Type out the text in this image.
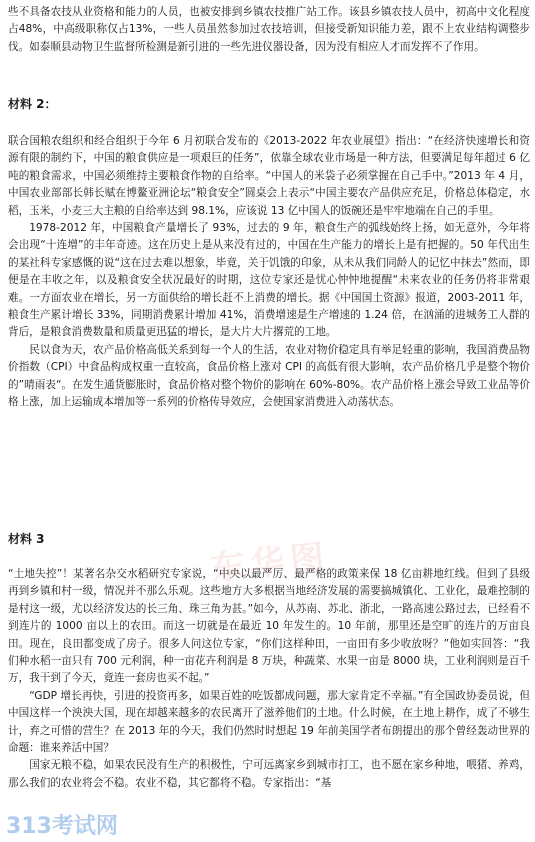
些不具备农技从业资格和能力的人员，也被安排到乡镇农技推广站工作。该县乡镇农技人员中，初高中文化程度占48%，中高级职称仅占13%，一些人员虽然参加过农技培训，但接受新知识能力差，跟不上农业结构调整步伐。如泰顺县动物卫生监督所检测是新引进的一些先进仪器设备，因为没有相应人才而发挥不了作用。

材料 2：

联合国粮农组织和经合组织于今年 6 月初联合发布的《2013-2022 年农业展望》指出：“在经济快速增长和资源有限的制约下，中国的粮食供应是一项艰巨的任务”，依靠全球农业市场是一种方法，但要满足每年超过 6 亿吨的粮食需求，中国必须维持主要粮食作物的自给率。“中国人的米袋子必须掌握在自己手中。”2013 年 4 月，中国农业部部长韩长赋在博鳌亚洲论坛“粮食安全”圆桌会上表示“中国主要农产品供应充足，价格总体稳定，水稻，玉米，小麦三大主粮的自给率达到 98.1%，应该说 13 亿中国人的饭碗还是牢牢地端在自己的手里。

1978-2012 年，中国粮食产量增长了 93%，过去的 9 年，粮食生产的弧线始终上扬，如无意外，今年将会出现“十连增”的丰年奇迹。这在历史上是从来没有过的，中国在生产能力的增长上是有把握的。50 年代出生的某社科专家感慨的说“这在过去难以想象，毕竟，关于饥饿的印象，从未从我们同龄人的记忆中抹去”然而，即便是在丰收之年，以及粮食安全状况最好的时期，这位专家还是忧心忡忡地提醒“未来农业的任务仍将非常艰难。一方面农业在增长，另一方面供给的增长赶不上消费的增长。据《中国国土资源》报道，2003-2011 年，粮食生产累计增长 33%，同期消费累计增加 41%，消费增速是生产增速的 1.24 倍，在汹涌的进城务工人群的背后，是粮食消费数量和质量更迅猛的增长，是大片大片撂荒的工地。

民以食为天，农产品价格高低关系到每一个人的生活，农业对物价稳定具有举足轻重的影响，我国消费品物价指数（CPI）中食品构成权重一直较高，食品价格上涨对 CPI 的高低有很大影响，农产品价格几乎是整个物价的”晴雨表“。在发生通货膨胀时，食品价格对整个物价的影响在 60%-80%。农产品价格上涨会导致工业品等价格上涨，加上运输成本增加等一系列的价格传导效应，会使国家消费进入动荡状态。

材料 3

“土地失控”！某著名杂交水稻研究专家说，“中央以最严厉、最严格的政策来保 18 亿亩耕地红线。但到了县级再到乡镇和村一级，情况并不那么乐观。这些地方大多根据当地经济发展的需要搞城镇化、工业化，最难控制的是村这一级，尤以经济发达的长三角、珠三角为甚。”如今，从苏南、苏北、浙北，一路高速公路过去，已经看不到连片的 1000 亩以上的农田。而这一切就是在最近 10 年发生的。10 年前，那里还是空旷的连片的万亩良田。现在，良田都变成了房子。很多人问这位专家，“你们这样种田，一亩田有多少收放呀？”他如实回答：“我们种水稻一亩只有 700 元利润，种一亩花卉利润是 8 万块，种蔬菜、水果一亩是 8000 块，工业利润则是百千万，我干到了今天，竟连一套房也买不起。”

“GDP 增长再快，引进的投资再多，如果百姓的吃饭都成问题，那大家肯定不幸福。”有全国政协委员说，但中国这样一个泱泱大国，现在却越来越多的农民离开了滋养他们的土地。什么时候，在土地上耕作，成了不够生计，弃之可惜的营生？在 2013 年的今天，我们仍然时时想起 19 年前美国学者布朗提出的那个曾经轰动世界的命题：谁来养活中国？

国家无粮不稳，如果农民没有生产的积极性，宁可远离家乡到城市打工，也不愿在家乡种地，喂猪、养鸡，那么我们的农业将会不稳。农业不稳，其它都将不稳。专家指出：“基

东华图
313考试网
